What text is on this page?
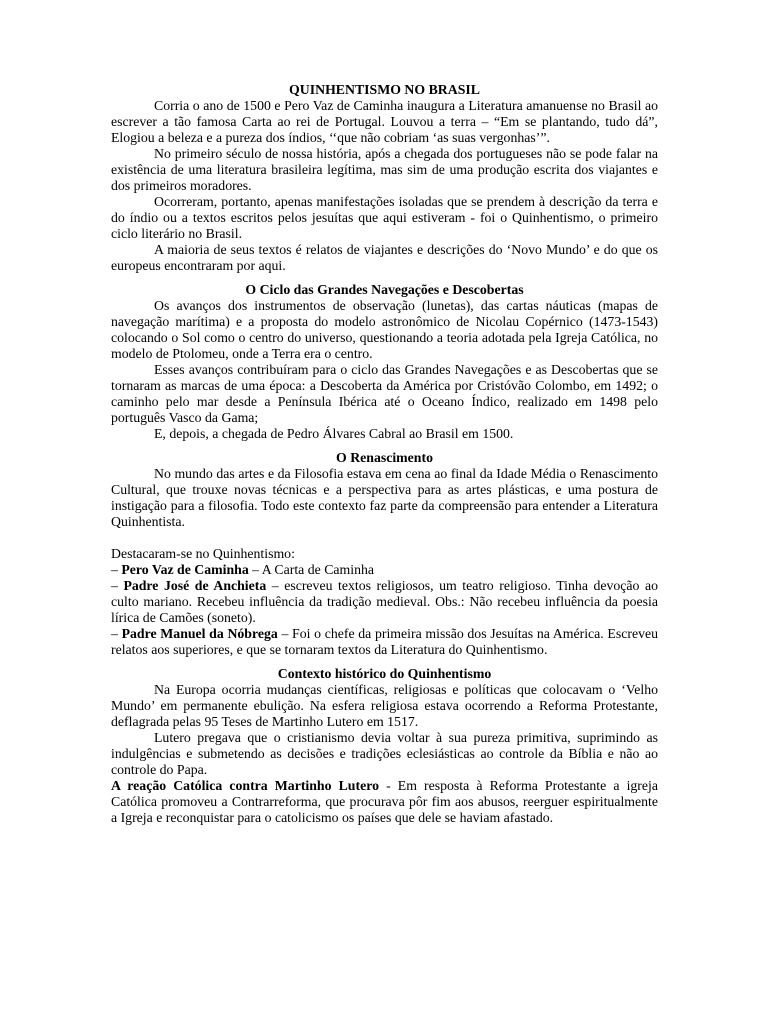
QUINHENTISMO NO BRASIL

Corria o ano de 1500 e Pero Vaz de Caminha inaugura a Literatura amanuense no Brasil ao escrever a tão famosa Carta ao rei de Portugal. Louvou a terra – “Em se plantando, tudo dá”, Elogiou a beleza e a pureza dos índios, ‘‘que não cobriam ‘as suas vergonhas’”.

No primeiro século de nossa história, após a chegada dos portugueses não se pode falar na existência de uma literatura brasileira legítima, mas sim de uma produção escrita dos viajantes e dos primeiros moradores.

Ocorreram, portanto, apenas manifestações isoladas que se prendem à descrição da terra e do índio ou a textos escritos pelos jesuítas que aqui estiveram - foi o Quinhentismo, o primeiro ciclo literário no Brasil.

A maioria de seus textos é relatos de viajantes e descrições do ‘Novo Mundo’ e do que os europeus encontraram por aqui.

O Ciclo das Grandes Navegações e Descobertas

Os avanços dos instrumentos de observação (lunetas), das cartas náuticas (mapas de navegação marítima) e a proposta do modelo astronômico de Nicolau Copérnico (1473-1543) colocando o Sol como o centro do universo, questionando a teoria adotada pela Igreja Católica, no modelo de Ptolomeu, onde a Terra era o centro.

Esses avanços contribuíram para o ciclo das Grandes Navegações e as Descobertas que se tornaram as marcas de uma época: a Descoberta da América por Cristóvão Colombo, em 1492; o caminho pelo mar desde a Península Ibérica até o Oceano Índico, realizado em 1498 pelo português Vasco da Gama;

E, depois, a chegada de Pedro Álvares Cabral ao Brasil em 1500.

O Renascimento

No mundo das artes e da Filosofia estava em cena ao final da Idade Média o Renascimento Cultural, que trouxe novas técnicas e a perspectiva para as artes plásticas, e uma postura de instigação para a filosofia. Todo este contexto faz parte da compreensão para entender a Literatura Quinhentista.

Destacaram-se no Quinhentismo:

– Pero Vaz de Caminha – A Carta de Caminha

– Padre José de Anchieta – escreveu textos religiosos, um teatro religioso. Tinha devoção ao culto mariano. Recebeu influência da tradição medieval. Obs.: Não recebeu influência da poesia lírica de Camões (soneto).

– Padre Manuel da Nóbrega – Foi o chefe da primeira missão dos Jesuítas na América. Escreveu relatos aos superiores, e que se tornaram textos da Literatura do Quinhentismo.

Contexto histórico do Quinhentismo

Na Europa ocorria mudanças científicas, religiosas e políticas que colocavam o ‘Velho Mundo’ em permanente ebulição. Na esfera religiosa estava ocorrendo a Reforma Protestante, deflagrada pelas 95 Teses de Martinho Lutero em 1517.

Lutero pregava que o cristianismo devia voltar à sua pureza primitiva, suprimindo as indulgências e submetendo as decisões e tradições eclesiásticas ao controle da Bíblia e não ao controle do Papa.

A reação Católica contra Martinho Lutero - Em resposta à Reforma Protestante a igreja Católica promoveu a Contrarreforma, que procurava pôr fim aos abusos, reerguer espiritualmente a Igreja e reconquistar para o catolicismo os países que dele se haviam afastado.
